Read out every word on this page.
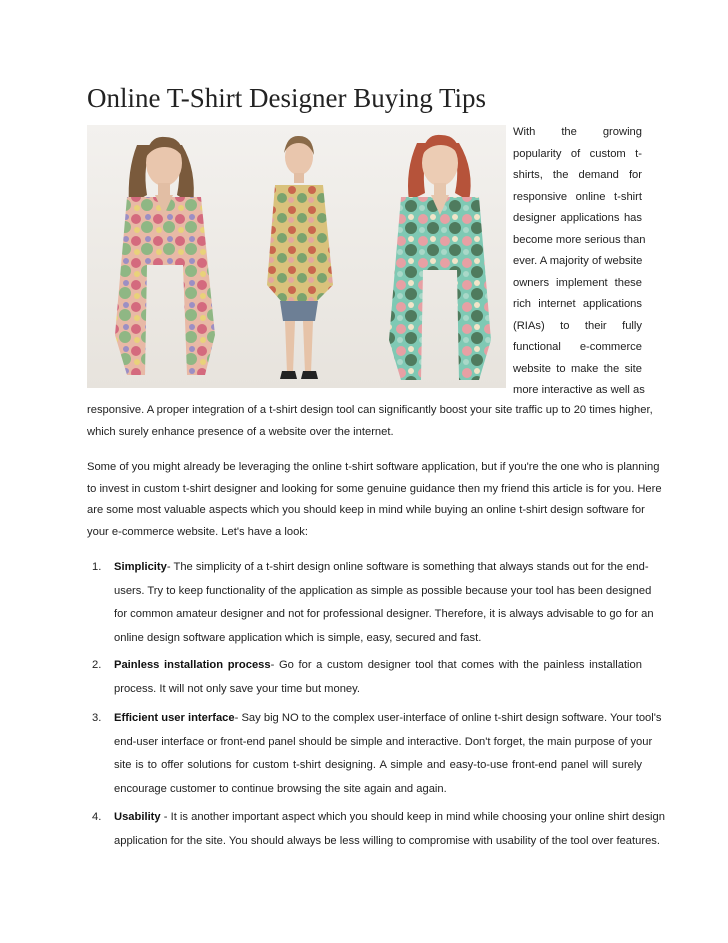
Online T-Shirt Designer Buying Tips
With the growing
popularity of custom t-
shirts, the demand for
responsive online t-shirt
designer applications has
become more serious than
ever. A majority of website
owners implement these
rich internet applications
(RIAs) to their fully
functional e-commerce
website to make the site
more interactive as well as
responsive. A proper integration of a t-shirt design tool can significantly boost your site traffic up to 20 times higher,
which surely enhance presence of a website over the internet.
Some of you might already be leveraging the online t-shirt software application, but if you're the one who is planning
to invest in custom t-shirt designer and looking for some genuine guidance then my friend this article is for you. Here
are some most valuable aspects which you should keep in mind while buying an online t-shirt design software for
your e-commerce website. Let's have a look:
1.	Simplicity- The simplicity of a t-shirt design online software is something that always stands out for the end-
users. Try to keep functionality of the application as simple as possible because your tool has been designed
for common amateur designer and not for professional designer. Therefore, it is always advisable to go for an
online design software application which is simple, easy, secured and fast.
2.	Painless installation process- Go for a custom designer tool that comes with the painless installation
process. It will not only save your time but money.
3.	Efficient user interface- Say big NO to the complex user-interface of online t-shirt design software. Your tool's
end-user interface or front-end panel should be simple and interactive. Don't forget, the main purpose of your
site is to offer solutions for custom t-shirt designing. A simple and easy-to-use front-end panel will surely
encourage customer to continue browsing the site again and again.
4.	Usability - It is another important aspect which you should keep in mind while choosing your online shirt design
application for the site. You should always be less willing to compromise with usability of the tool over features.
